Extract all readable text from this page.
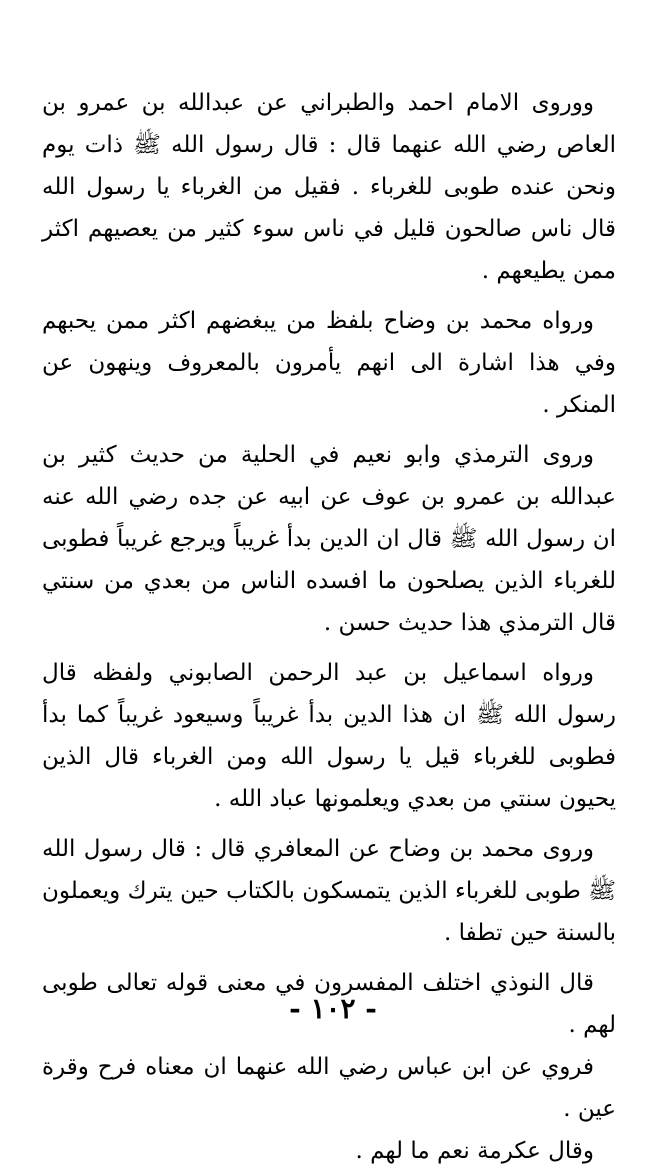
ووروى الامام احمد والطبراني عن عبدالله بن عمرو بن العاص رضي الله عنهما قال : قال رسول الله ﷺ ذات يوم ونحن عنده طوبى للغرباء . فقيل من الغرباء يا رسول الله قال ناس صالحون قليل في ناس سوء كثير من يعصيهم اكثر ممن يطيعهم .

ورواه محمد بن وضاح بلفظ من يبغضهم اكثر ممن يحبهم وفي هذا اشارة الى انهم يأمرون بالمعروف وينهون عن المنكر .

وروى الترمذي وابو نعيم في الحلية من حديث كثير بن عبدالله بن عمرو بن عوف عن ابيه عن جده رضي الله عنه ان رسول الله ﷺ قال ان الدين بدأ غريباً ويرجع غريباً فطوبى للغرباء الذين يصلحون ما افسده الناس من بعدي من سنتي قال الترمذي هذا حديث حسن .

ورواه اسماعيل بن عبد الرحمن الصابوني ولفظه قال رسول الله ﷺ ان هذا الدين بدأ غريباً وسيعود غريباً كما بدأ فطوبى للغرباء قيل يا رسول الله ومن الغرباء قال الذين يحيون سنتي من بعدي ويعلمونها عباد الله .

وروى محمد بن وضاح عن المعافري قال : قال رسول الله ﷺ طوبى للغرباء الذين يتمسكون بالكتاب حين يترك ويعملون بالسنة حين تطفا .

قال النوذي اختلف المفسرون في معنى قوله تعالى طوبى لهم .

فروي عن ابن عباس رضي الله عنهما ان معناه فرح وقرة عين .

وقال عكرمة نعم ما لهم .

- ١٠٢ -
